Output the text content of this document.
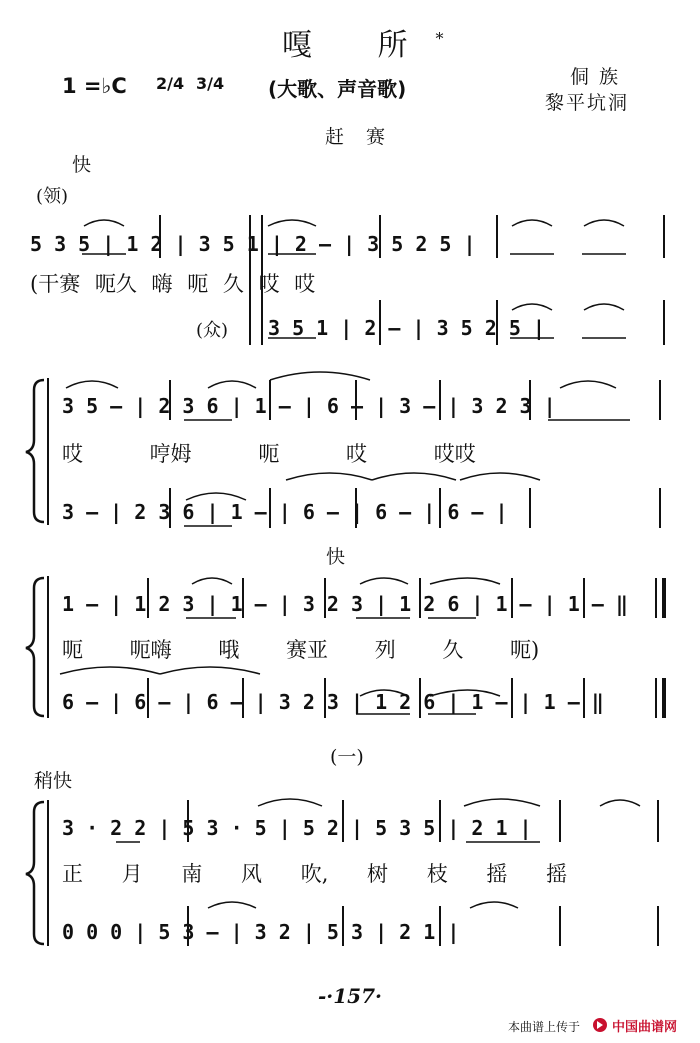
嘎 所*
1 =♭C 2/4 3/4 (大歌、声音歌)	侗 族
黎平坑洞
赶 赛
快
(领)
5 3 5 | 1 2 | 3 5 1 | 2 – | 3 5 2 5 |
(干赛 呃久 嗨 呃 久 哎 哎
(众) 3 5 1 | 2 – | 3 5 2 5 |
3 5 – | 2 3 6 | 1 – | 6 – | 3 – | 3 2 3 |
哎 哼姆 呃 哎 哎哎
3 – | 2 3 6 | 1 – | 6 – | 6 – | 6 – |
快
1 – | 1 2 3 | 1 – | 3 2 3 | 1 2 6 | 1 – | 1 – ‖
呃 呃嗨 哦 赛亚 列 久 呃)
6 – | 6 – | 6 – | 3 2 3 | 1 2 6 | 1 – | 1 – ‖
(一)
稍快
3 · 2 2 | 5 3 · 5 | 5 2 | 5 3 5 | 2 1 |
正 月 南 风 吹, 树 枝 摇 摇
0 0 0 | 5 3 – | 3 2 | 5 3 | 2 1 |
-·157·
本曲谱上传于 中国曲谱网
